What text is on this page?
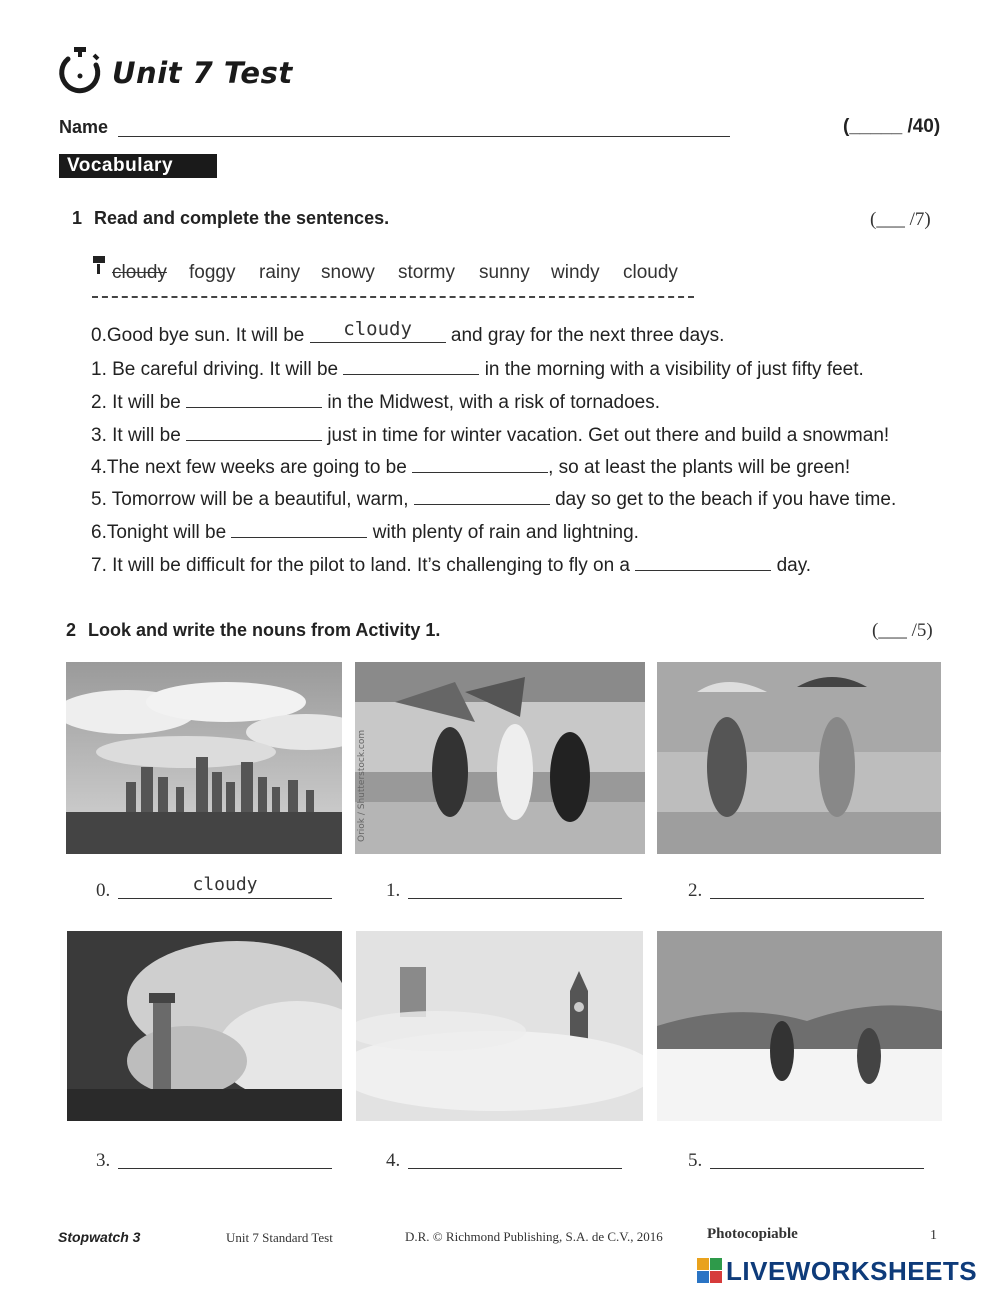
Unit 7 Test
Name	(_____ /40)
Vocabulary
1 Read and complete the sentences.	(___ /7)
cloudy foggy rainy snowy stormy sunny windy cloudy
0.Good bye sun. It will be cloudy and gray for the next three days.
1. Be careful driving. It will be	in the morning with a visibility of just fifty feet.
2. It will be	in the Midwest, with a risk of tornadoes.
3. It will be	just in time for winter vacation. Get out there and build a snowman!
4.The next few weeks are going to be	, so at least the plants will be green!
5. Tomorrow will be a beautiful, warm,	day so get to the beach if you have time.
6.Tonight will be	with plenty of rain and lightning.
7. It will be difficult for the pilot to land. It’s challenging to fly on a	day.
2 Look and write the nouns from Activity 1.	(___ /5)
Oriok / Shutterstock.com
0.	cloudy	1.	2.
3.	4.	5.
Stopwatch 3	Unit 7 Standard Test	D.R. © Richmond Publishing, S.A. de C.V., 2016	Photocopiable	1
LIVEWORKSHEETS
